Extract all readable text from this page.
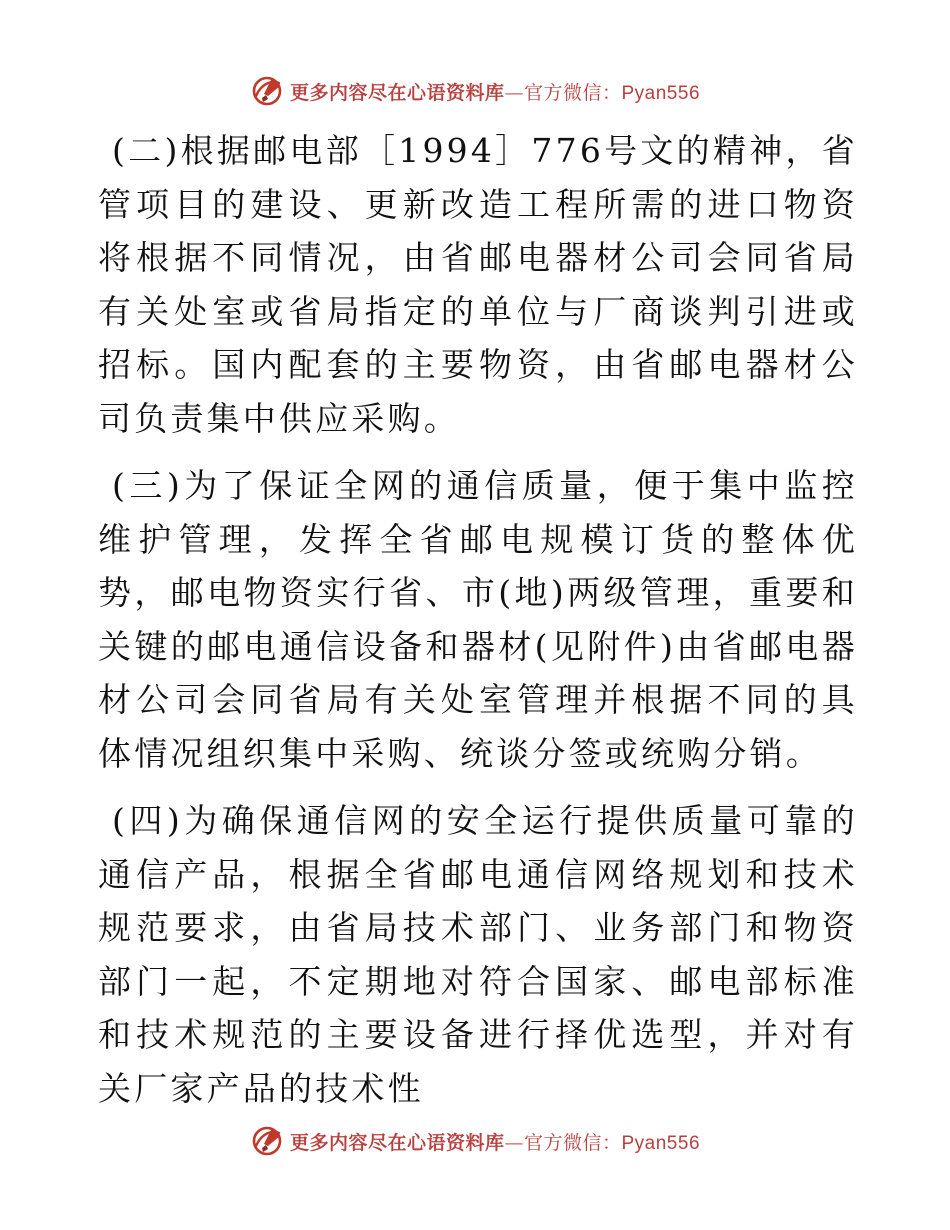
更多内容尽在心语资料库—官方微信：Pyan556

(二)根据邮电部［1994］776号文的精神，省管项目的建设、更新改造工程所需的进口物资将根据不同情况，由省邮电器材公司会同省局有关处室或省局指定的单位与厂商谈判引进或招标。国内配套的主要物资，由省邮电器材公司负责集中供应采购。

(三)为了保证全网的通信质量，便于集中监控维护管理，发挥全省邮电规模订货的整体优势，邮电物资实行省、市(地)两级管理，重要和关键的邮电通信设备和器材(见附件)由省邮电器材公司会同省局有关处室管理并根据不同的具体情况组织集中采购、统谈分签或统购分销。

(四)为确保通信网的安全运行提供质量可靠的通信产品，根据全省邮电通信网络规划和技术规范要求，由省局技术部门、业务部门和物资部门一起，不定期地对符合国家、邮电部标准和技术规范的主要设备进行择优选型，并对有关厂家产品的技术性

更多内容尽在心语资料库—官方微信：Pyan556
